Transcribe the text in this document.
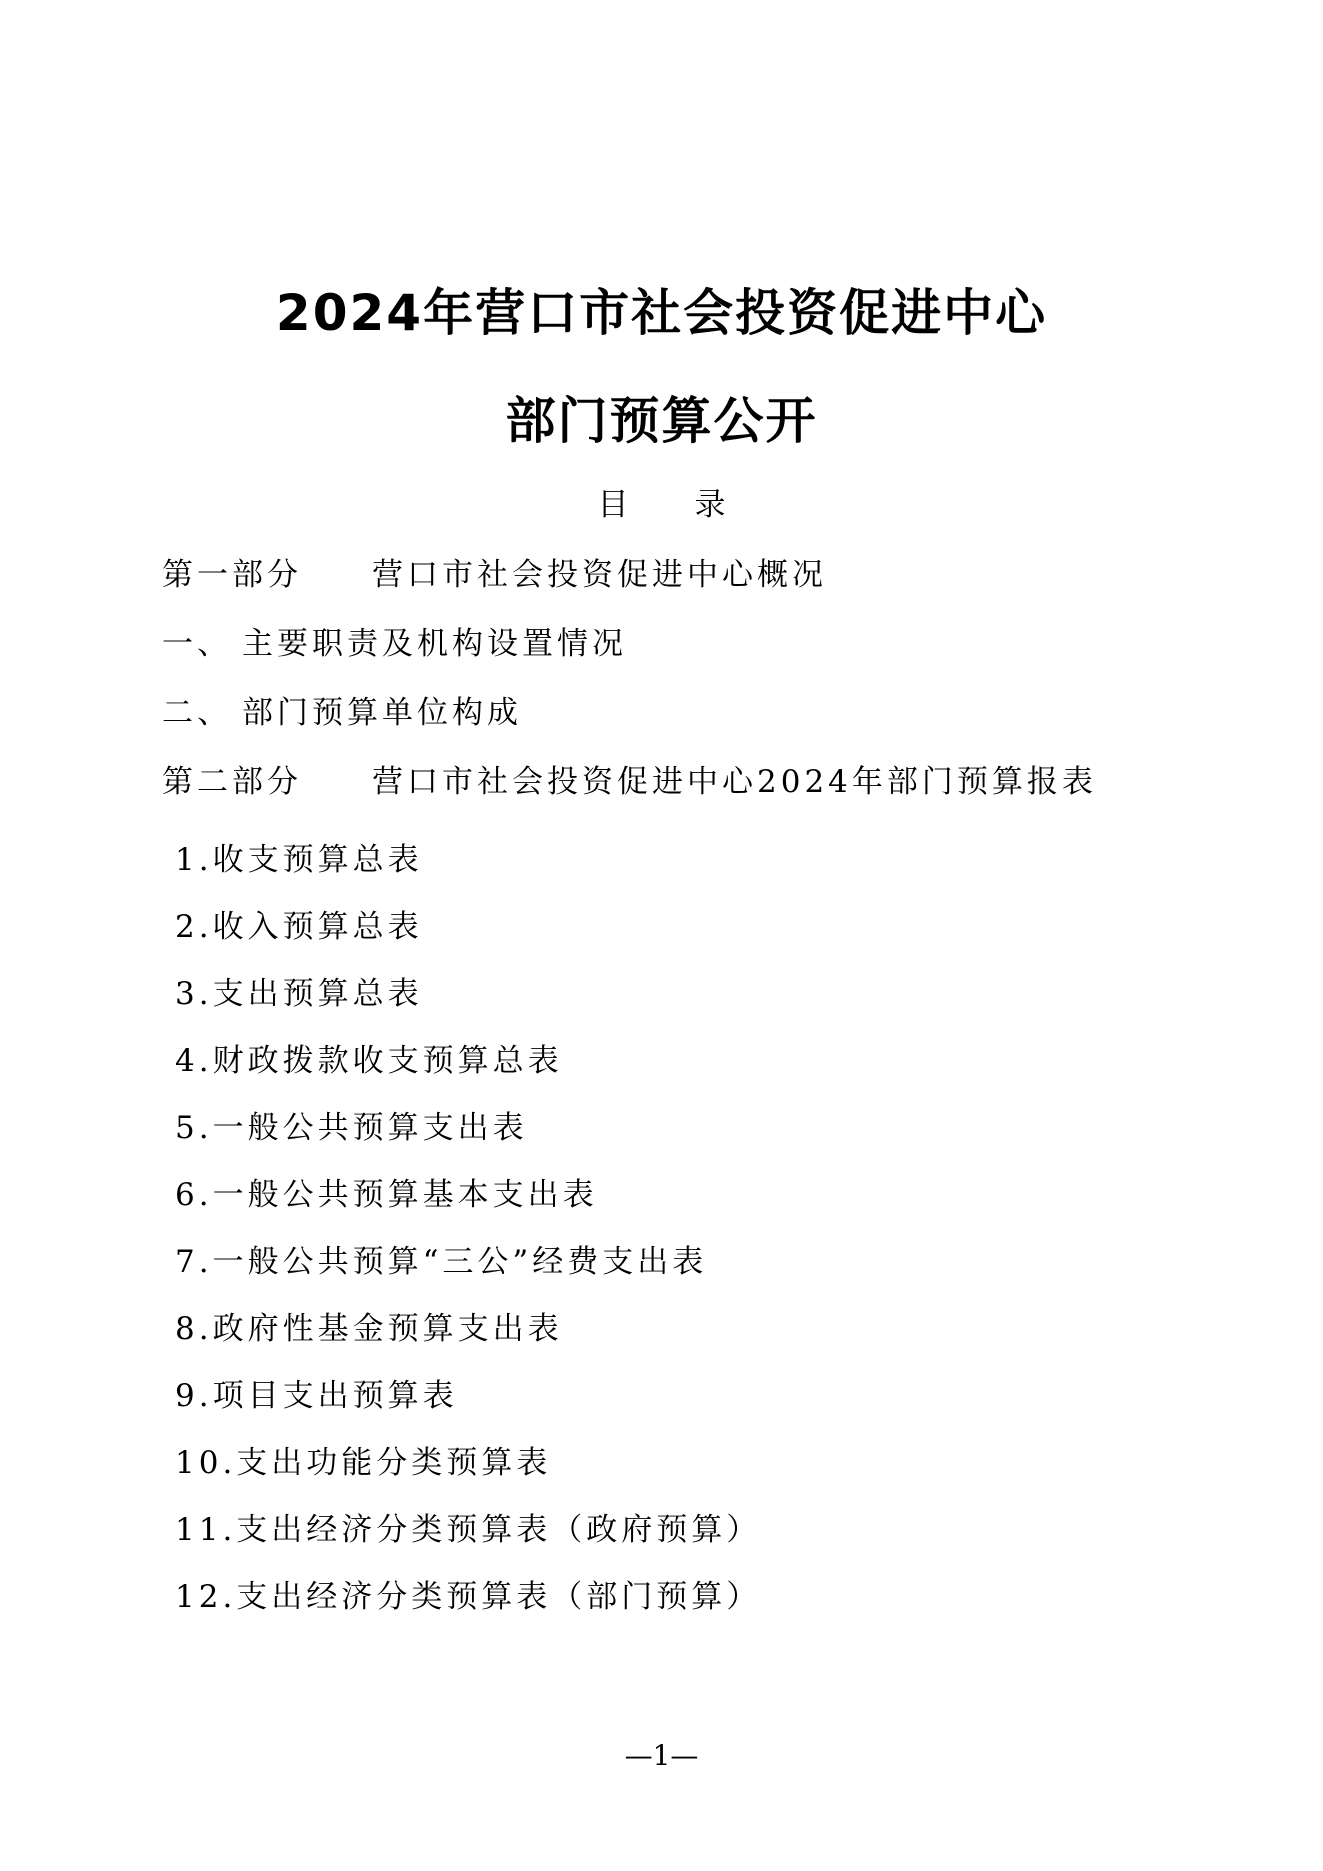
2024年营口市社会投资促进中心
部门预算公开
目录
第一部分 营口市社会投资促进中心概况
一、 主要职责及机构设置情况
二、 部门预算单位构成
第二部分 营口市社会投资促进中心2024年部门预算报表
1.收支预算总表
2.收入预算总表
3.支出预算总表
4.财政拨款收支预算总表
5.一般公共预算支出表
6.一般公共预算基本支出表
7.一般公共预算“三公”经费支出表
8.政府性基金预算支出表
9.项目支出预算表
10.支出功能分类预算表
11.支出经济分类预算表（政府预算）
12.支出经济分类预算表（部门预算）
—1—
